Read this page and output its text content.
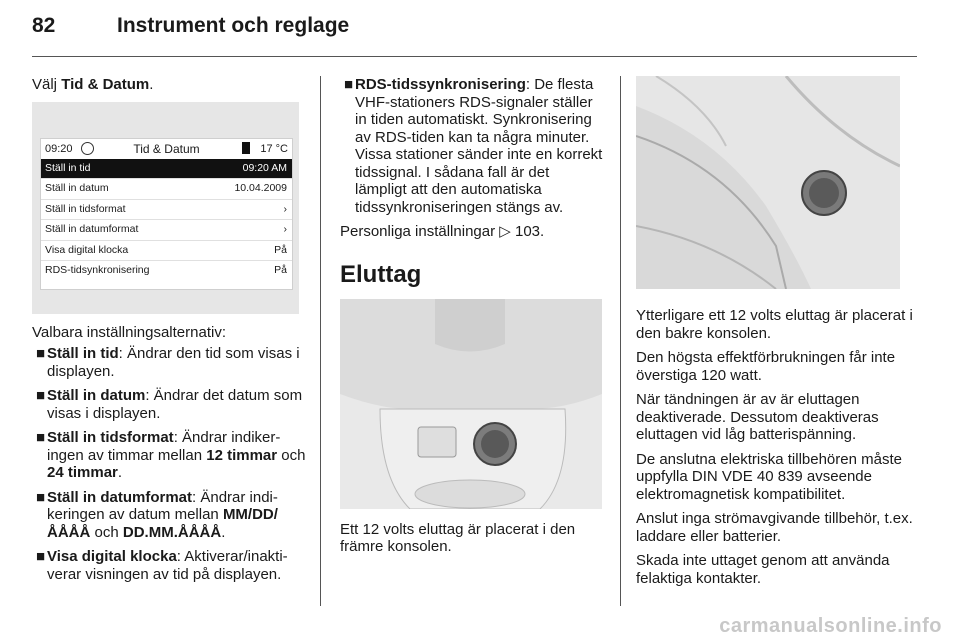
82	Instrument och reglage

Välj Tid & Datum.

09:20	Tid & Datum	17 °C
Ställ in tid	09:20 AM
Ställ in datum	10.04.2009
Ställ in tidsformat	›
Ställ in datumformat	›
Visa digital klocka	På
RDS-tidsynkronisering	På

Valbara inställningsalternativ:

■ Ställ in tid: Ändrar den tid som visas i displayen.
■ Ställ in datum: Ändrar det datum som visas i displayen.
■ Ställ in tidsformat: Ändrar indikeringen av timmar mellan 12 timmar och 24 timmar.
■ Ställ in datumformat: Ändrar indikeringen av datum mellan MM/DD/ÅÅÅÅ och DD.MM.ÅÅÅÅ.
■ Visa digital klocka: Aktiverar/inaktiverar visningen av tid på displayen.
■ RDS-tidssynkronisering: De flesta VHF-stationers RDS-signaler ställer in tiden automatiskt. Synkronisering av RDS-tiden kan ta några minuter. Vissa stationer sänder inte en korrekt tidssignal. I sådana fall är det lämpligt att den automatiska tidssynkroniseringen stängs av.

Personliga inställningar ▷ 103.

Eluttag

Ett 12 volts eluttag är placerat i den främre konsolen.

Ytterligare ett 12 volts eluttag är placerat i den bakre konsolen.

Den högsta effektförbrukningen får inte överstiga 120 watt.

När tändningen är av är eluttagen deaktiverade. Dessutom deaktiveras eluttagen vid låg batterispänning.

De anslutna elektriska tillbehören måste uppfylla DIN VDE 40 839 avseende elektromagnetisk kompatibilitet.

Anslut inga strömavgivande tillbehör, t.ex. laddare eller batterier.

Skada inte uttaget genom att använda felaktiga kontakter.

carmanualsonline.info
